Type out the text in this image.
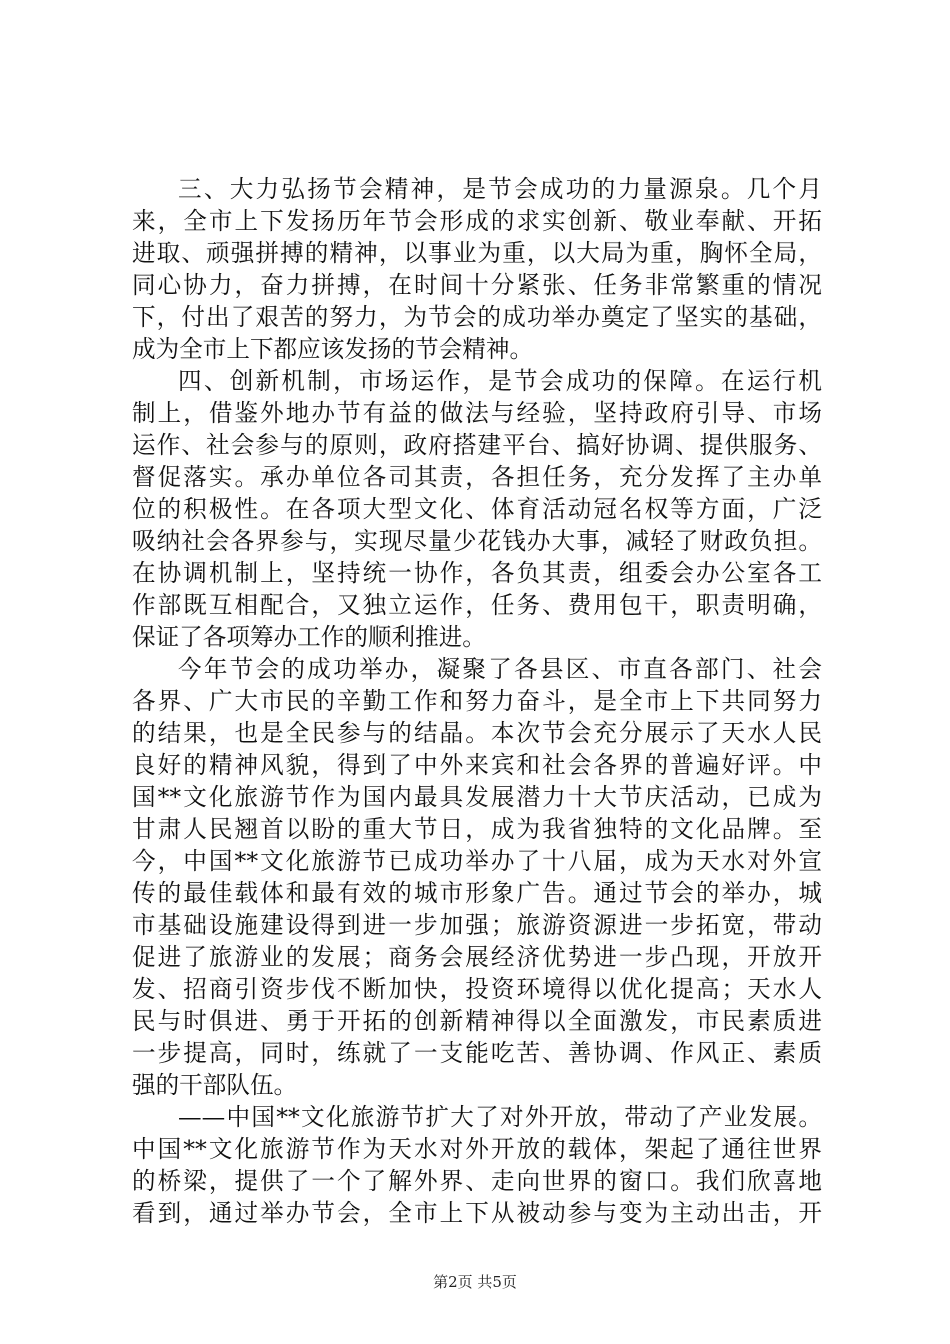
三、大力弘扬节会精神，是节会成功的力量源泉。几个月
来，全市上下发扬历年节会形成的求实创新、敬业奉献、开拓
进取、顽强拼搏的精神，以事业为重，以大局为重，胸怀全局，
同心协力，奋力拼搏，在时间十分紧张、任务非常繁重的情况
下，付出了艰苦的努力，为节会的成功举办奠定了坚实的基础，
成为全市上下都应该发扬的节会精神。
四、创新机制，市场运作，是节会成功的保障。在运行机
制上，借鉴外地办节有益的做法与经验，坚持政府引导、市场
运作、社会参与的原则，政府搭建平台、搞好协调、提供服务、
督促落实。承办单位各司其责，各担任务，充分发挥了主办单
位的积极性。在各项大型文化、体育活动冠名权等方面，广泛
吸纳社会各界参与，实现尽量少花钱办大事，减轻了财政负担。
在协调机制上，坚持统一协作，各负其责，组委会办公室各工
作部既互相配合，又独立运作，任务、费用包干，职责明确，
保证了各项筹办工作的顺利推进。
今年节会的成功举办，凝聚了各县区、市直各部门、社会
各界、广大市民的辛勤工作和努力奋斗，是全市上下共同努力
的结果，也是全民参与的结晶。本次节会充分展示了天水人民
良好的精神风貌，得到了中外来宾和社会各界的普遍好评。中
国**文化旅游节作为国内最具发展潜力十大节庆活动，已成为
甘肃人民翘首以盼的重大节日，成为我省独特的文化品牌。至
今，中国**文化旅游节已成功举办了十八届，成为天水对外宣
传的最佳载体和最有效的城市形象广告。通过节会的举办，城
市基础设施建设得到进一步加强；旅游资源进一步拓宽，带动
促进了旅游业的发展；商务会展经济优势进一步凸现，开放开
发、招商引资步伐不断加快，投资环境得以优化提高；天水人
民与时俱进、勇于开拓的创新精神得以全面激发，市民素质进
一步提高，同时，练就了一支能吃苦、善协调、作风正、素质
强的干部队伍。
——中国**文化旅游节扩大了对外开放，带动了产业发展。
中国**文化旅游节作为天水对外开放的载体，架起了通往世界
的桥梁，提供了一个了解外界、走向世界的窗口。我们欣喜地
看到，通过举办节会，全市上下从被动参与变为主动出击，开
第2页 共5页
